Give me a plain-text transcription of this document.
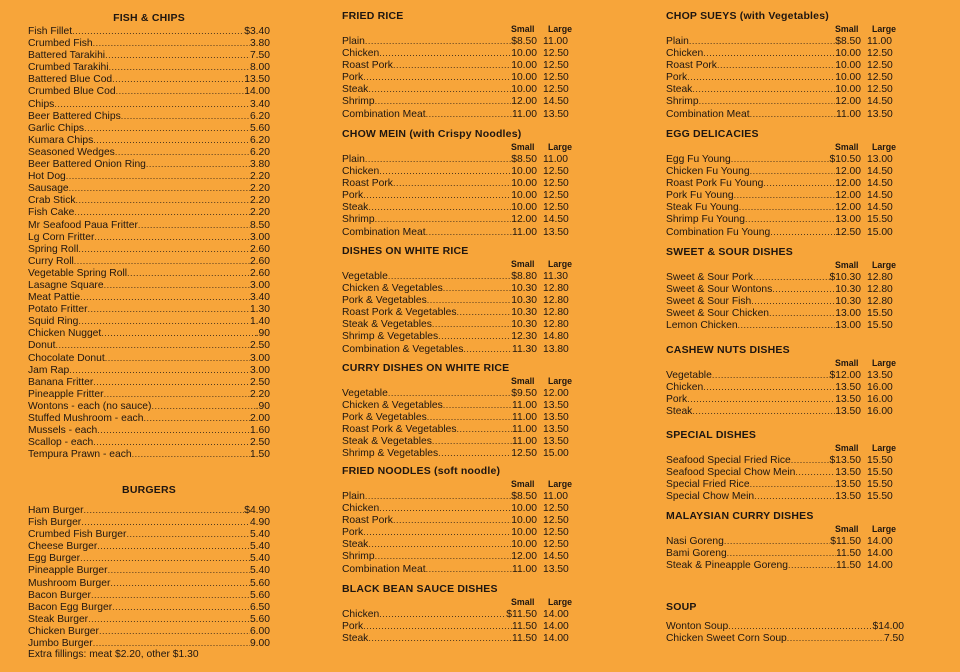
FISH & CHIPS
Fish Fillet .....	$3.40
Crumbed Fish .....	3.80
Battered Tarakihi .....	7.50
Crumbed Tarakihi .....	8.00
Battered Blue Cod .....	13.50
Crumbed Blue Cod .....	14.00
Chips .....	3.40
Beer Battered Chips .....	6.20
Garlic Chips .....	5.60
Kumara Chips .....	6.20
Seasoned Wedges .....	6.20
Beer Battered Onion Ring .....	3.80
Hot Dog .....	2.20
Sausage .....	2.20
Crab Stick .....	2.20
Fish Cake .....	2.20
Mr Seafood Paua Fritter .....	8.50
Lg Corn Fritter .....	3.00
Spring Roll .....	2.60
Curry Roll .....	2.60
Vegetable Spring Roll .....	2.60
Lasagne Square .....	3.00
Meat Pattie .....	3.40
Potato Fritter .....	1.30
Squid Ring .....	1.40
Chicken Nugget .....	.90
Donut .....	2.50
Chocolate Donut .....	3.00
Jam Rap .....	3.00
Banana Fritter .....	2.50
Pineapple Fritter .....	2.20
Wontons - each (no sauce) .....	.90
Stuffed Mushroom - each .....	2.00
Mussels - each .....	1.60
Scallop - each .....	2.50
Tempura Prawn - each .....	1.50
BURGERS
Ham Burger .....	$4.90
Fish Burger .....	4.90
Crumbed Fish Burger .....	5.40
Cheese Burger .....	5.40
Egg Burger .....	5.40
Pineapple Burger .....	5.40
Mushroom Burger .....	5.60
Bacon Burger .....	5.60
Bacon Egg Burger .....	6.50
Steak Burger .....	5.60
Chicken Burger .....	6.00
Jumbo Burger .....	9.00
Extra fillings: meat $2.20, other $1.30
FRIED RICE
Small	Large
Plain .....	$8.50 11.00
Chicken .....	10.00 12.50
Roast Pork .....	10.00 12.50
Pork .....	10.00 12.50
Steak .....	10.00 12.50
Shrimp .....	12.00 14.50
Combination Meat .....	11.00 13.50
CHOW MEIN (with Crispy Noodles)
Small	Large
Plain .....	$8.50 11.00
Chicken .....	10.00 12.50
Roast Pork .....	10.00 12.50
Pork .....	10.00 12.50
Steak .....	10.00 12.50
Shrimp .....	12.00 14.50
Combination Meat .....	11.00 13.50
DISHES ON WHITE RICE
Small	Large
Vegetable .....	$8.80 11.30
Chicken & Vegetables .....	10.30 12.80
Pork & Vegetables .....	10.30 12.80
Roast Pork & Vegetables .....	10.30 12.80
Steak & Vegetables .....	10.30 12.80
Shrimp & Vegetables .....	12.30 14.80
Combination & Vegetables .....	11.30 13.80
CURRY DISHES ON WHITE RICE
Small	Large
Vegetable .....	$9.50 12.00
Chicken & Vegetables .....	11.00 13.50
Pork & Vegetables .....	11.00 13.50
Roast Pork & Vegetables .....	11.00 13.50
Steak & Vegetables .....	11.00 13.50
Shrimp & Vegetables .....	12.50 15.00
FRIED NOODLES (soft noodle)
Small	Large
Plain .....	$8.50 11.00
Chicken .....	10.00 12.50
Roast Pork .....	10.00 12.50
Pork .....	10.00 12.50
Steak .....	10.00 12.50
Shrimp .....	12.00 14.50
Combination Meat .....	11.00 13.50
BLACK BEAN SAUCE DISHES
Small	Large
Chicken .....	$11.50 14.00
Pork .....	11.50 14.00
Steak .....	11.50 14.00
CHOP SUEYS (with Vegetables)
Small	Large
Plain .....	$8.50 11.00
Chicken .....	10.00 12.50
Roast Pork .....	10.00 12.50
Pork .....	10.00 12.50
Steak .....	10.00 12.50
Shrimp .....	12.00 14.50
Combination Meat .....	11.00 13.50
EGG DELICACIES
Small	Large
Egg Fu Young .....	$10.50 13.00
Chicken Fu Young .....	12.00 14.50
Roast Pork Fu Young .....	12.00 14.50
Pork Fu Young .....	12.00 14.50
Steak Fu Young .....	12.00 14.50
Shrimp Fu Young .....	13.00 15.50
Combination Fu Young .....	12.50 15.00
SWEET & SOUR DISHES
Small	Large
Sweet & Sour Pork .....	$10.30 12.80
Sweet & Sour Wontons .....	10.30 12.80
Sweet & Sour Fish .....	10.30 12.80
Sweet & Sour Chicken .....	13.00 15.50
Lemon Chicken .....	13.00 15.50
CASHEW NUTS DISHES
Small	Large
Vegetable .....	$12.00 13.50
Chicken .....	13.50 16.00
Pork .....	13.50 16.00
Steak .....	13.50 16.00
SPECIAL DISHES
Small	Large
Seafood Special Fried Rice .....	$13.50 15.50
Seafood Special Chow Mein .....	13.50 15.50
Special Fried Rice .....	13.50 15.50
Special Chow Mein .....	13.50 15.50
MALAYSIAN CURRY DISHES
Small	Large
Nasi Goreng .....	$11.50 14.00
Bami Goreng .....	11.50 14.00
Steak & Pineapple Goreng .....	11.50 14.00
SOUP
Wonton Soup .....	$14.00
Chicken Sweet Corn Soup .....	7.50
